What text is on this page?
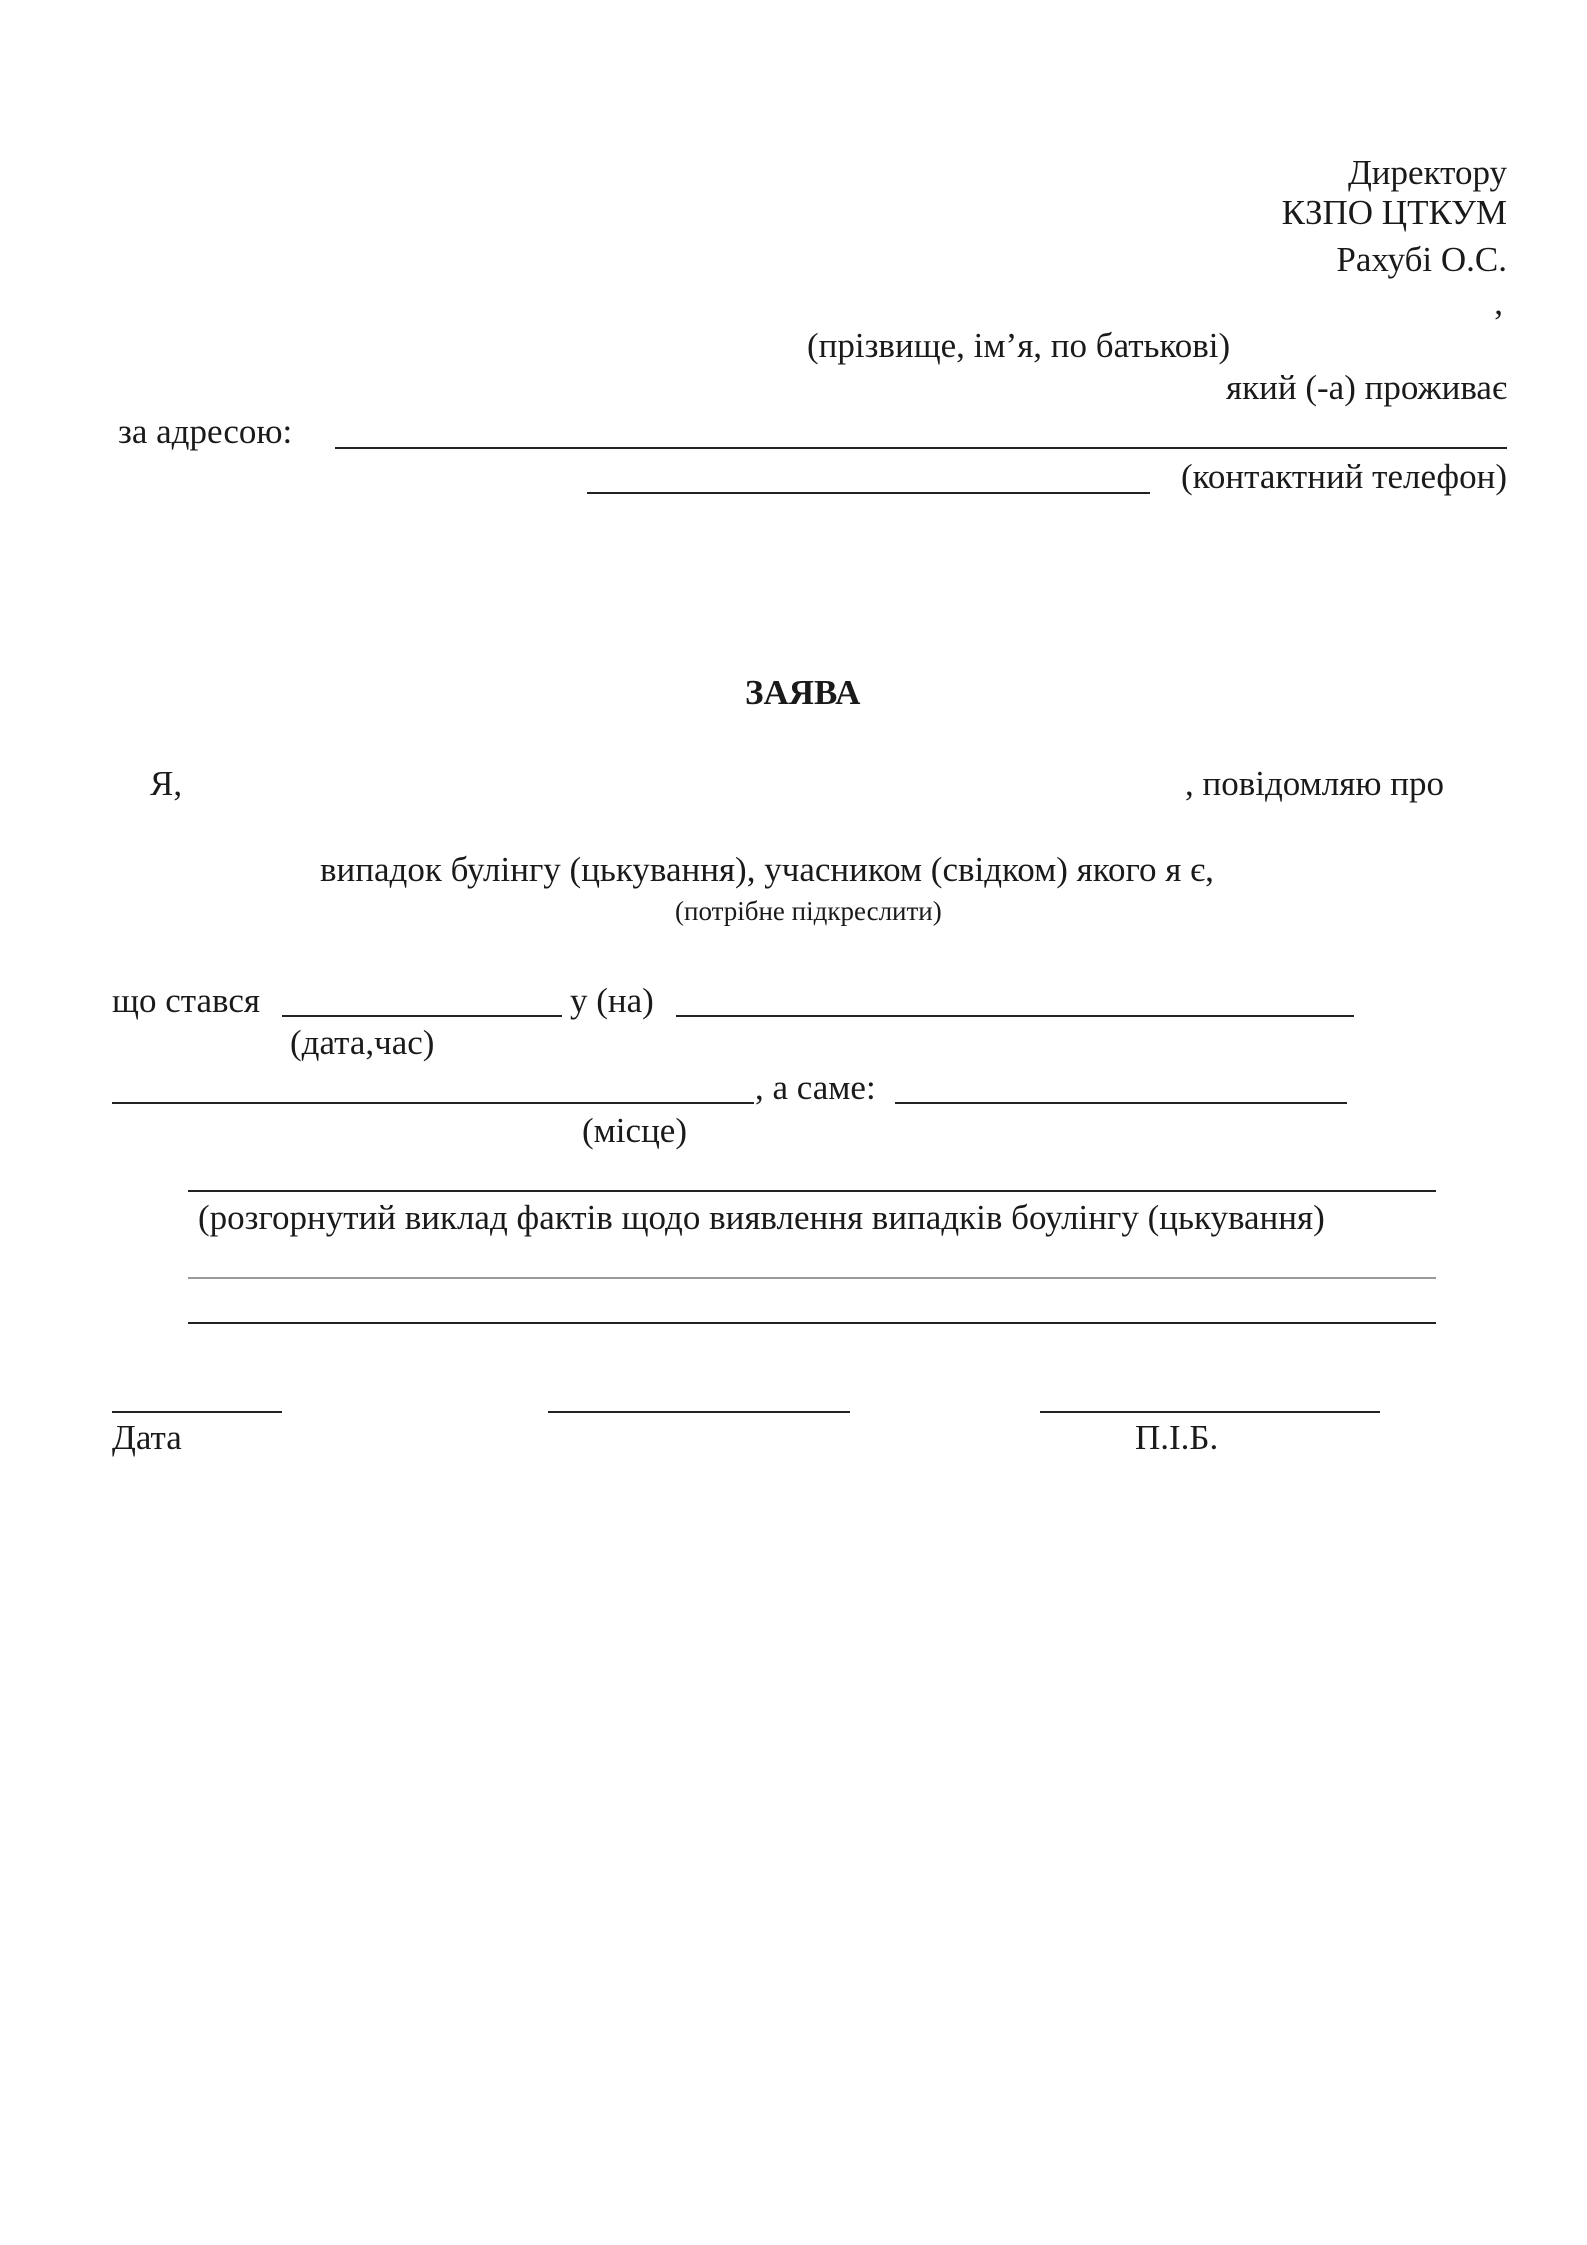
Директору
КЗПО ЦТКУМ
Рахубі О.С.
,
(прізвище, ім’я, по батькові)
який (-а) проживає
за адресою:
(контактний телефон)
ЗАЯВА
Я,	, повідомляю про
випадок булінгу (цькування), учасником (свідком) якого я є,
(потрібне підкреслити)
що стався	у (на)
(дата,час)
, а саме:
(місце)
(розгорнутий виклад фактів щодо виявлення випадків боулінгу (цькування)
Дата	П.І.Б.
